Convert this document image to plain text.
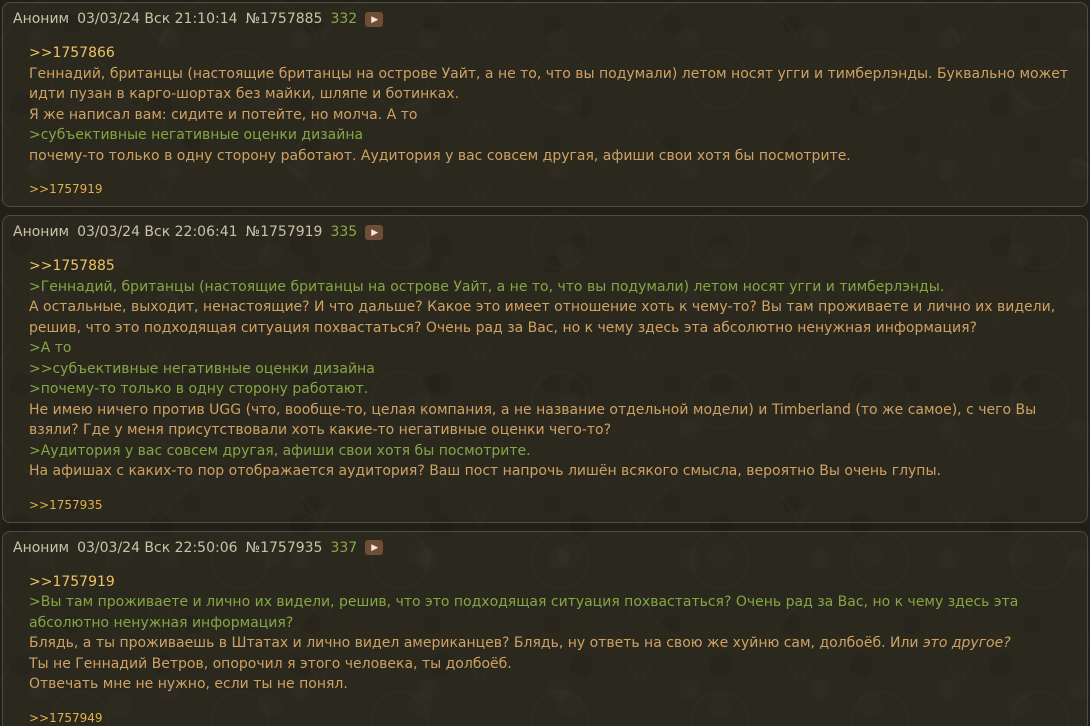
Аноним 03/03/24 Вск 21:10:14 №1757885 332 ▶
>>1757866
Геннадий, британцы (настоящие британцы на острове Уайт, а не то, что вы подумали) летом носят угги и тимберлэнды. Буквально может идти пузан в карго-шортах без майки, шляпе и ботинках.
Я же написал вам: сидите и потейте, но молча. А то
>субъективные негативные оценки дизайна
почему-то только в одну сторону работают. Аудитория у вас совсем другая, афиши свои хотя бы посмотрите.
>>1757919
Аноним 03/03/24 Вск 22:06:41 №1757919 335 ▶
>>1757885
>Геннадий, британцы (настоящие британцы на острове Уайт, а не то, что вы подумали) летом носят угги и тимберлэнды.
А остальные, выходит, ненастоящие? И что дальше? Какое это имеет отношение хоть к чему-то? Вы там проживаете и лично их видели, решив, что это подходящая ситуация похвастаться? Очень рад за Вас, но к чему здесь эта абсолютно ненужная информация?
>А то
>>субъективные негативные оценки дизайна
>почему-то только в одну сторону работают.
Не имею ничего против UGG (что, вообще-то, целая компания, а не название отдельной модели) и Timberland (то же самое), с чего Вы взяли? Где у меня присутствовали хоть какие-то негативные оценки чего-то?
>Аудитория у вас совсем другая, афиши свои хотя бы посмотрите.
На афишах с каких-то пор отображается аудитория? Ваш пост напрочь лишён всякого смысла, вероятно Вы очень глупы.
>>1757935
Аноним 03/03/24 Вск 22:50:06 №1757935 337 ▶
>>1757919
>Вы там проживаете и лично их видели, решив, что это подходящая ситуация похвастаться? Очень рад за Вас, но к чему здесь эта абсолютно ненужная информация?
Блядь, а ты проживаешь в Штатах и лично видел американцев? Блядь, ну ответь на свою же хуйню сам, долбоёб. Или это другое?
Ты не Геннадий Ветров, опорочил я этого человека, ты долбоёб.
Отвечать мне не нужно, если ты не понял.
>>1757949
